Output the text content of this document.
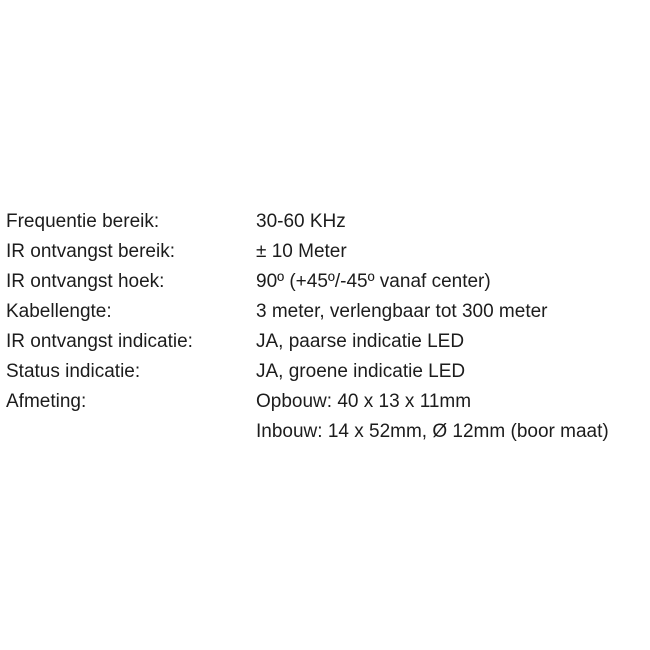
Frequentie bereik:	30-60 KHz
IR ontvangst bereik:	± 10 Meter
IR ontvangst hoek:	90º (+45º/-45º vanaf center)
Kabellengte:	3 meter, verlengbaar tot 300 meter
IR ontvangst indicatie:	JA, paarse indicatie LED
Status indicatie:	JA, groene indicatie LED
Afmeting:	Opbouw: 40 x 13 x 11mm
Inbouw: 14 x 52mm, Ø 12mm (boor maat)
